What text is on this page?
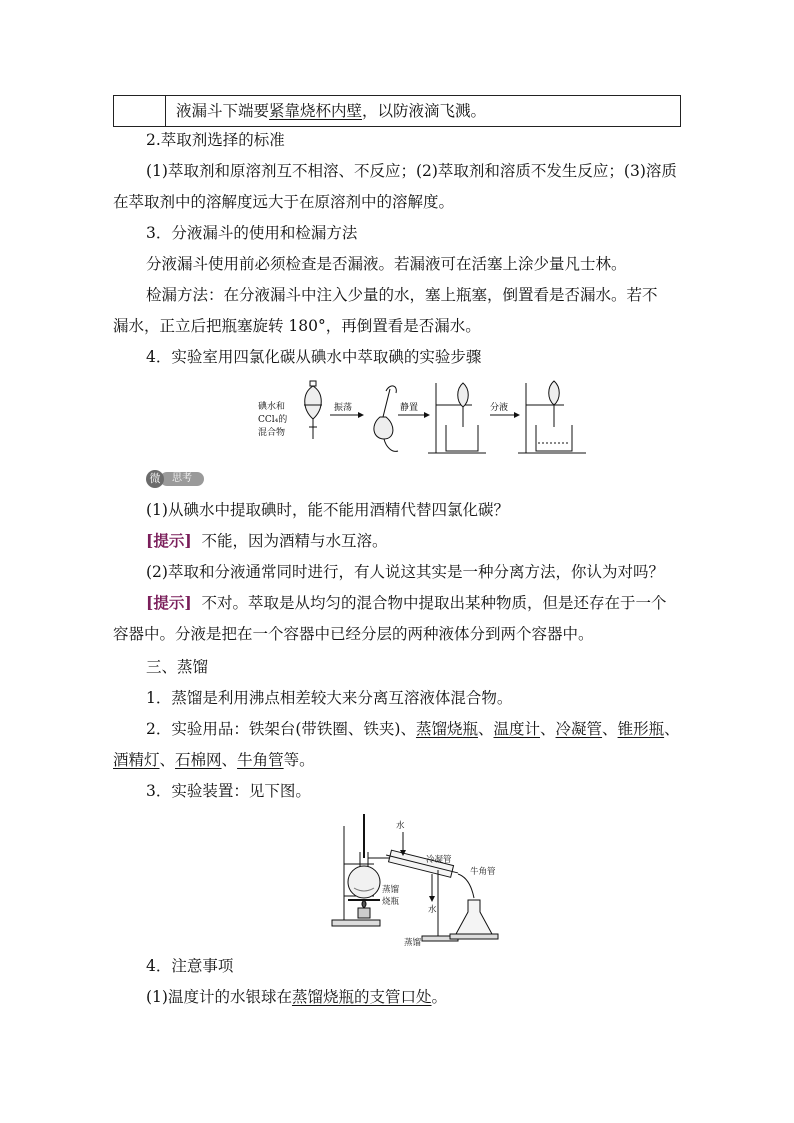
液漏斗下端要紧靠烧杯内壁，以防液滴飞溅。
2.萃取剂选择的标准
(1)萃取剂和原溶剂互不相溶、不反应；(2)萃取剂和溶质不发生反应；(3)溶质
在萃取剂中的溶解度远大于在原溶剂中的溶解度。
3．分液漏斗的使用和检漏方法
分液漏斗使用前必须检查是否漏液。若漏液可在活塞上涂少量凡士林。
检漏方法：在分液漏斗中注入少量的水，塞上瓶塞，倒置看是否漏水。若不
漏水，正立后把瓶塞旋转 180°，再倒置看是否漏水。
4．实验室用四氯化碳从碘水中萃取碘的实验步骤
碘水和
CCl₄的
混合物
振荡	静置	分液
思考
微
(1)从碘水中提取碘时，能不能用酒精代替四氯化碳？
[提示] 不能，因为酒精与水互溶。
(2)萃取和分液通常同时进行，有人说这其实是一种分离方法，你认为对吗？
[提示] 不对。萃取是从均匀的混合物中提取出某种物质，但是还存在于一个
容器中。分液是把在一个容器中已经分层的两种液体分到两个容器中。
三、蒸馏
1．蒸馏是利用沸点相差较大来分离互溶液体混合物。
2．实验用品：铁架台(带铁圈、铁夹)、蒸馏烧瓶、温度计、冷凝管、锥形瓶、
酒精灯、石棉网、牛角管等。
3．实验装置：见下图。
水
冷凝管
牛角管
蒸馏
烧瓶
水
蒸馏
4．注意事项
(1)温度计的水银球在蒸馏烧瓶的支管口处。
